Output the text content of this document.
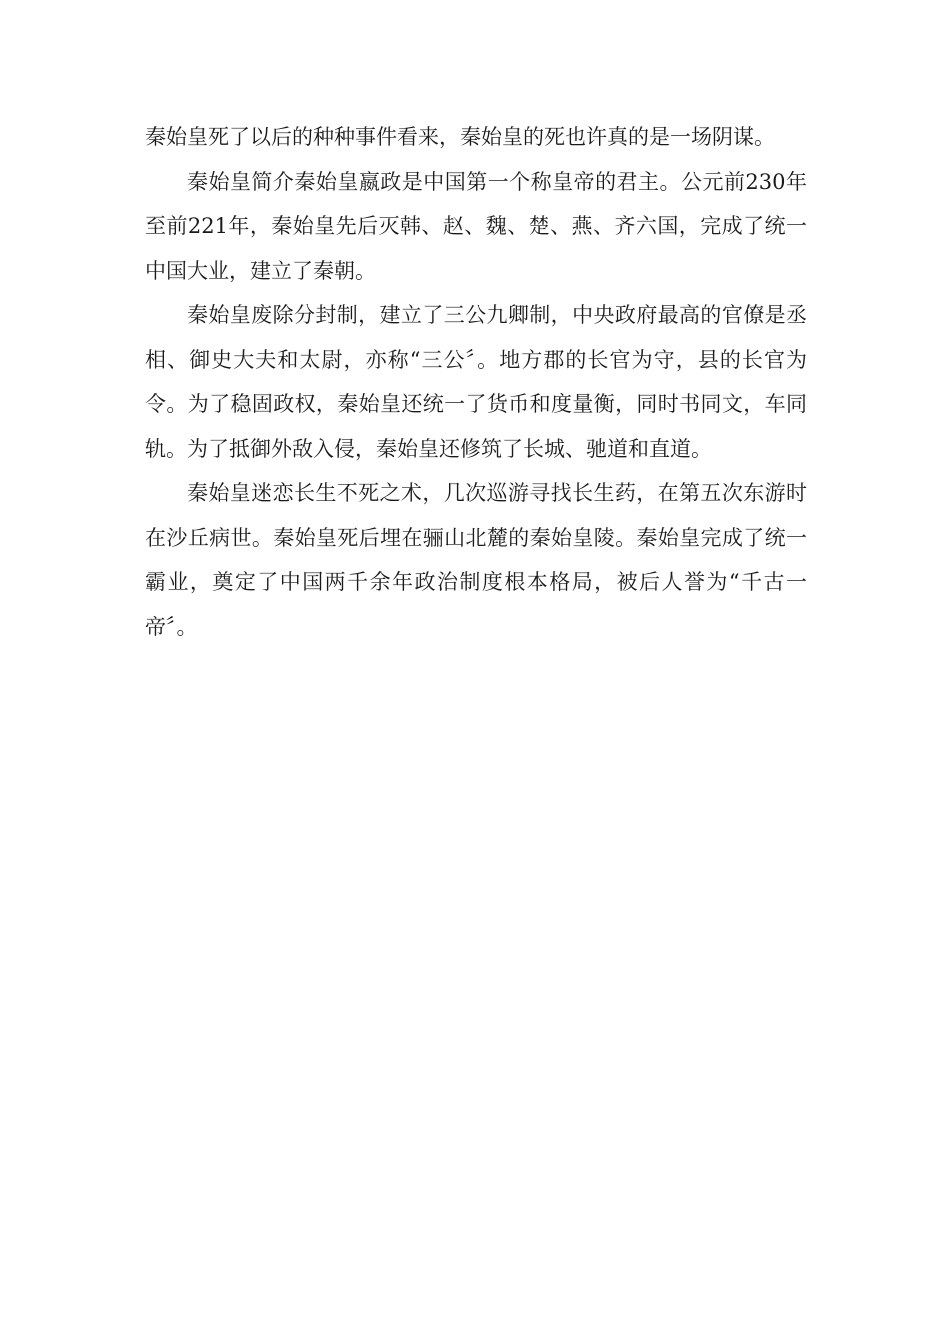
秦始皇死了以后的种种事件看来，秦始皇的死也许真的是一场阴谋。

秦始皇简介秦始皇嬴政是中国第一个称皇帝的君主。公元前230年至前221年，秦始皇先后灭韩、赵、魏、楚、燕、齐六国，完成了统一中国大业，建立了秦朝。

秦始皇废除分封制，建立了三公九卿制，中央政府最高的官僚是丞相、御史大夫和太尉，亦称“三公〞。地方郡的长官为守，县的长官为令。为了稳固政权，秦始皇还统一了货币和度量衡，同时书同文，车同轨。为了抵御外敌入侵，秦始皇还修筑了长城、驰道和直道。

秦始皇迷恋长生不死之术，几次巡游寻找长生药，在第五次东游时在沙丘病世。秦始皇死后埋在骊山北麓的秦始皇陵。秦始皇完成了统一霸业，奠定了中国两千余年政治制度根本格局，被后人誉为“千古一帝〞。
